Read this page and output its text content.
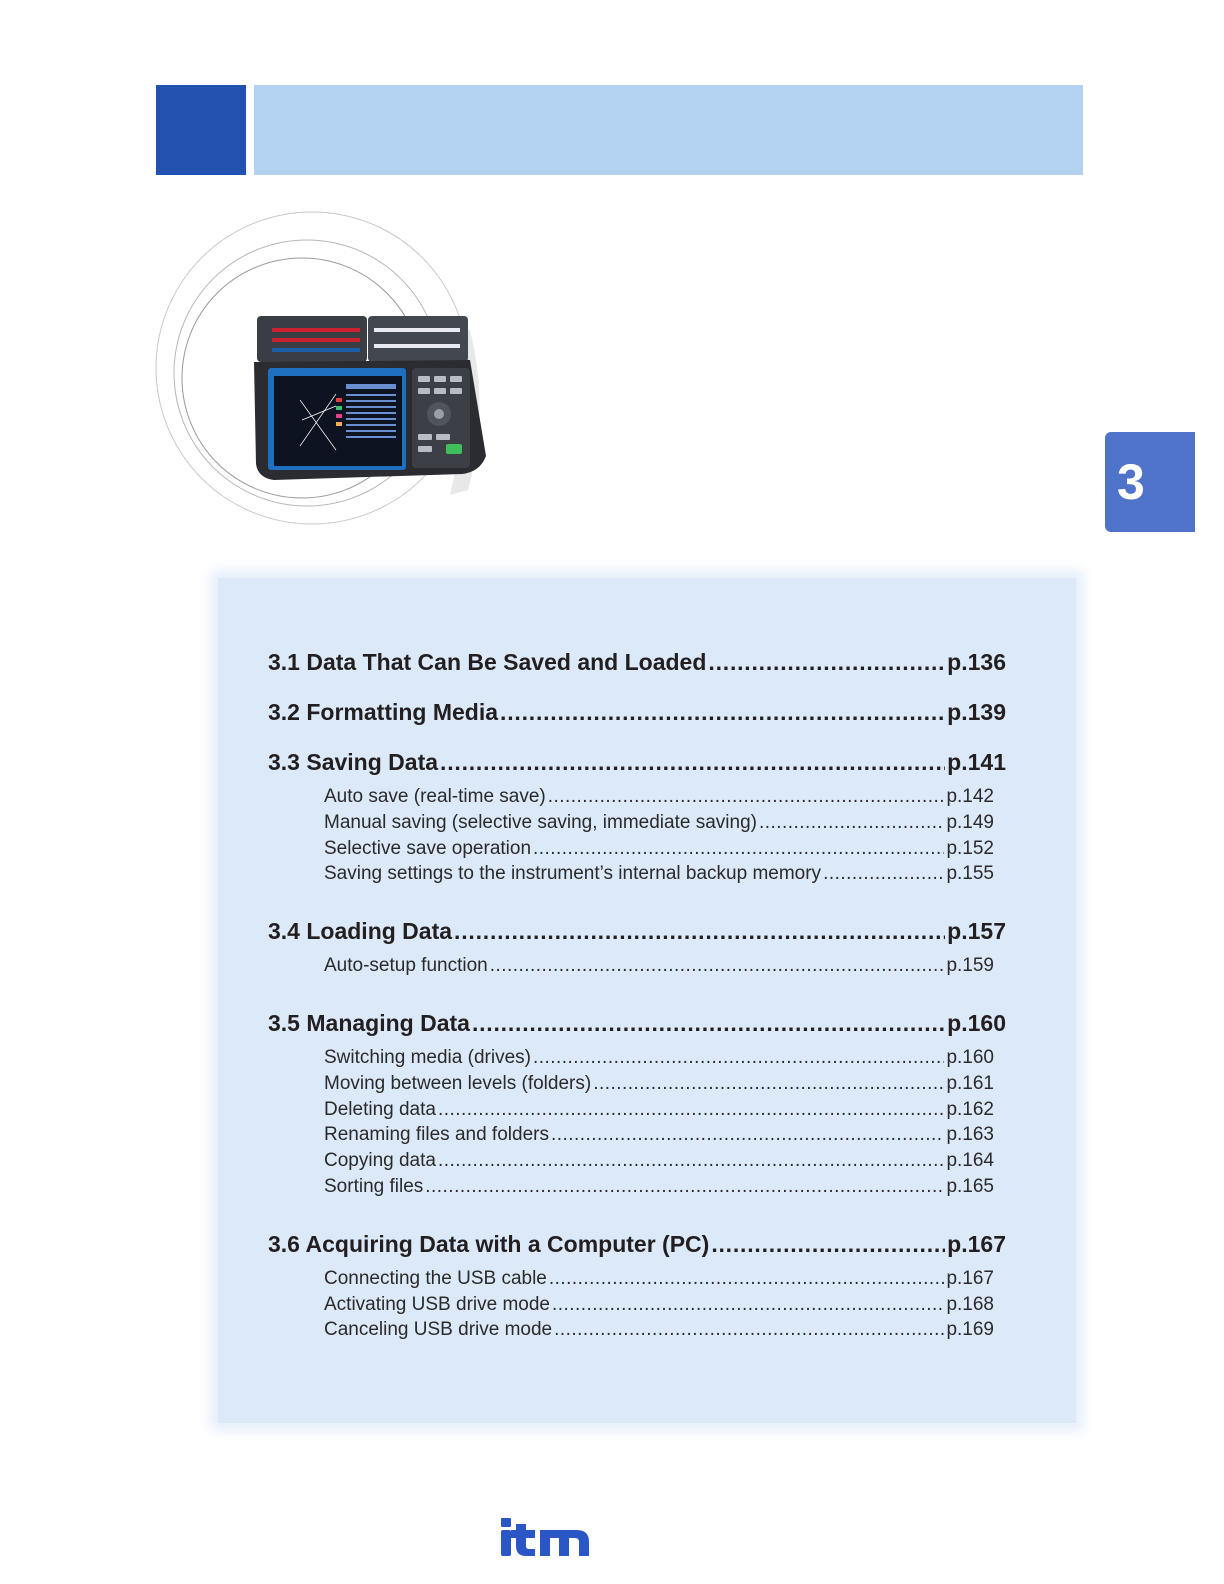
3
3.1 Data That Can Be Saved and Loaded . . .	p.136
3.2 Formatting Media . . .	p.139
3.3 Saving Data . . .	p.141
Auto save (real-time save) . . .	p.142
Manual saving (selective saving, immediate saving) . . .	p.149
Selective save operation . . .	p.152
Saving settings to the instrument’s internal backup memory . . .	p.155
3.4 Loading Data . . .	p.157
Auto-setup function . . .	p.159
3.5 Managing Data . . .	p.160
Switching media (drives) . . .	p.160
Moving between levels (folders) . . .	p.161
Deleting data . . .	p.162
Renaming files and folders . . .	p.163
Copying data . . .	p.164
Sorting files . . .	p.165
3.6 Acquiring Data with a Computer (PC) . . .	p.167
Connecting the USB cable . . .	p.167
Activating USB drive mode . . .	p.168
Canceling USB drive mode . . .	p.169
